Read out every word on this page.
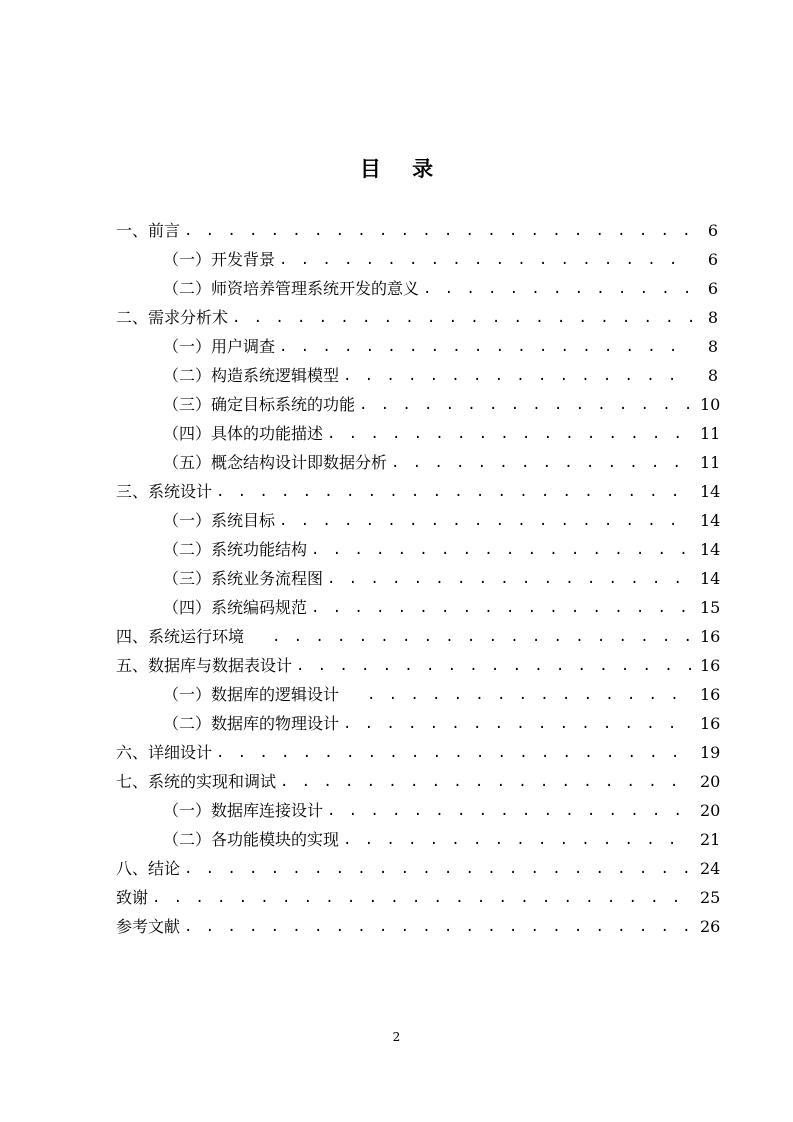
目 录
一、前言 . . .	6
（一）开发背景 . . .	6
（二）师资培养管理系统开发的意义 . . .	6
二、需求分析术 . . .	8
（一）用户调查 . . .	8
（二）构造系统逻辑模型 . . .	8
（三）确定目标系统的功能 . . .	10
（四）具体的功能描述 . . .	11
（五）概念结构设计即数据分析 . . .	11
三、系统设计 . . .	14
（一）系统目标 . . .	14
（二）系统功能结构 . . .	14
（三）系统业务流程图 . . .	14
（四）系统编码规范 . . .	15
四、系统运行环境 . . .	16
五、数据库与数据表设计 . . .	16
（一）数据库的逻辑设计 . . .	16
（二）数据库的物理设计 . . .	16
六、详细设计 . . .	19
七、系统的实现和调试 . . .	20
（一）数据库连接设计 . . .	20
（二）各功能模块的实现 . . .	21
八、结论 . . .	24
致谢 . . .	25
参考文献 . . .	26
2
